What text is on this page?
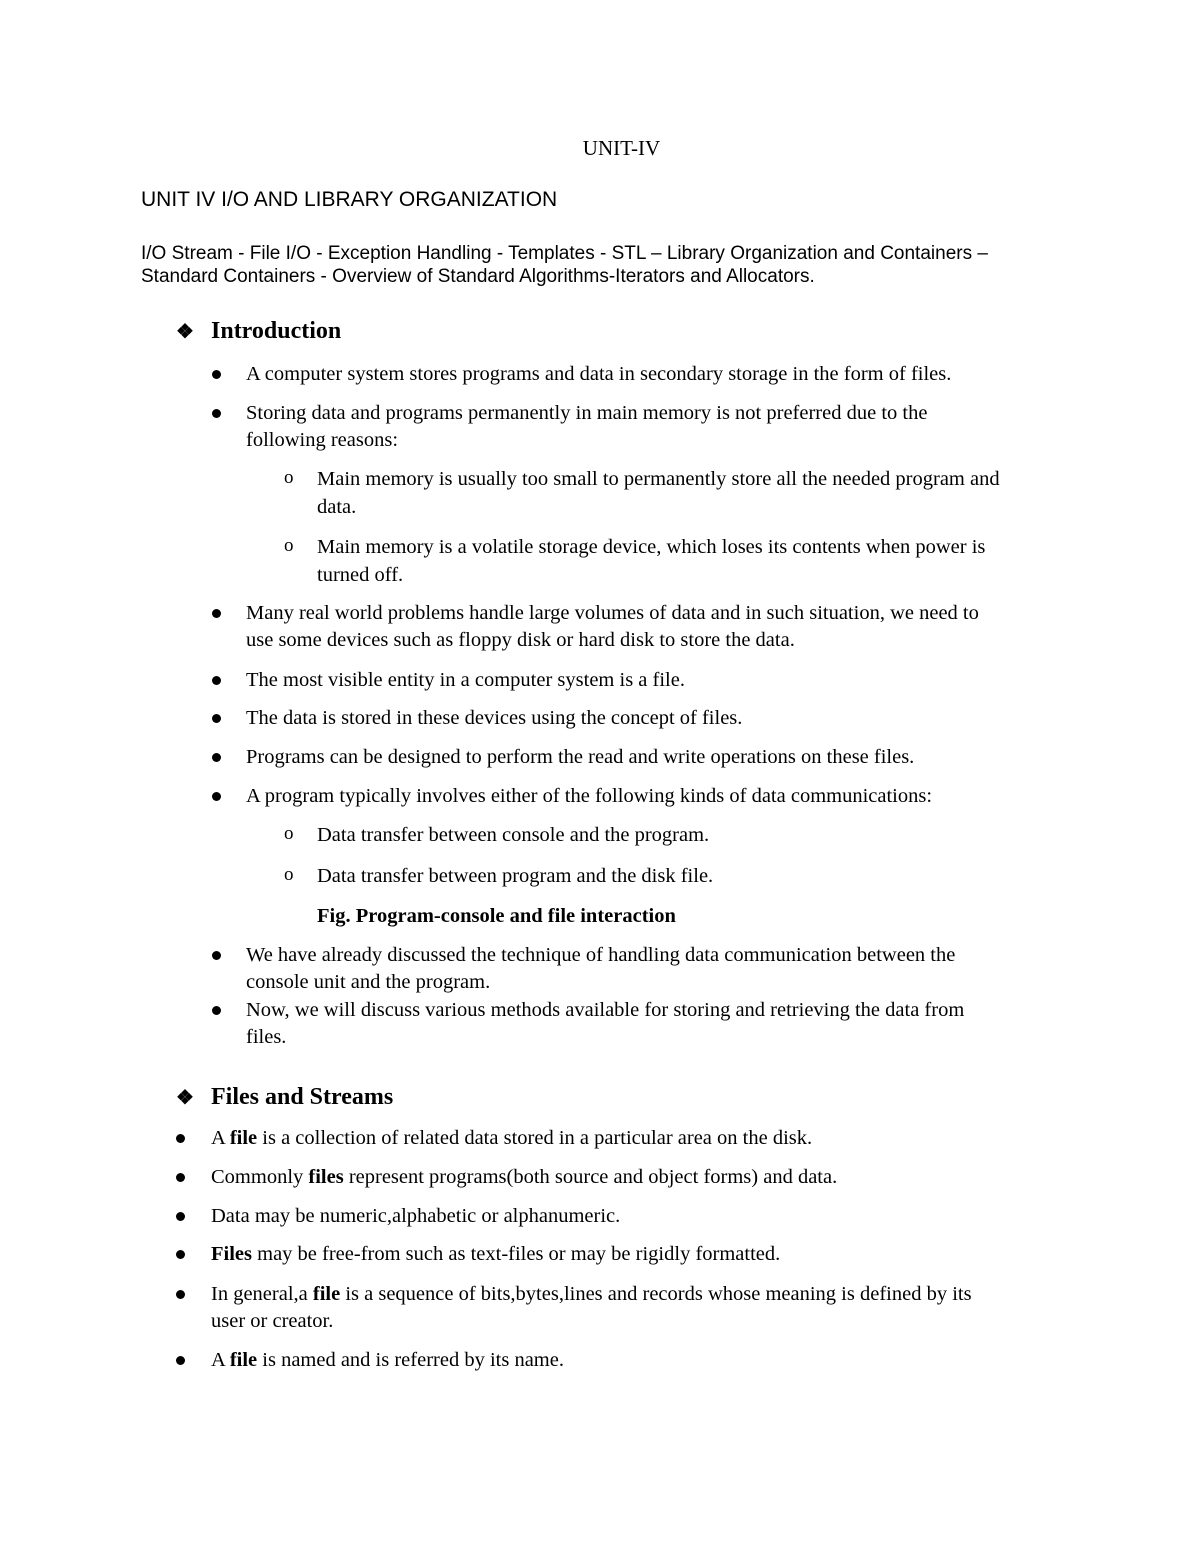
UNIT-IV
UNIT IV I/O AND LIBRARY ORGANIZATION
I/O Stream - File I/O - Exception Handling - Templates - STL – Library Organization and Containers –
Standard Containers - Overview of Standard Algorithms-Iterators and Allocators.
❖ Introduction
A computer system stores programs and data in secondary storage in the form of files.
Storing data and programs permanently in main memory is not preferred due to the
following reasons:
o Main memory is usually too small to permanently store all the needed program and
data.
o Main memory is a volatile storage device, which loses its contents when power is
turned off.
Many real world problems handle large volumes of data and in such situation, we need to
use some devices such as floppy disk or hard disk to store the data.
The most visible entity in a computer system is a file.
The data is stored in these devices using the concept of files.
Programs can be designed to perform the read and write operations on these files.
A program typically involves either of the following kinds of data communications:
o Data transfer between console and the program.
o Data transfer between program and the disk file.
Fig. Program-console and file interaction
We have already discussed the technique of handling data communication between the
console unit and the program.
Now, we will discuss various methods available for storing and retrieving the data from
files.
❖ Files and Streams
A file is a collection of related data stored in a particular area on the disk.
Commonly files represent programs(both source and object forms) and data.
Data may be numeric,alphabetic or alphanumeric.
Files may be free-from such as text-files or may be rigidly formatted.
In general,a file is a sequence of bits,bytes,lines and records whose meaning is defined by its
user or creator.
A file is named and is referred by its name.
